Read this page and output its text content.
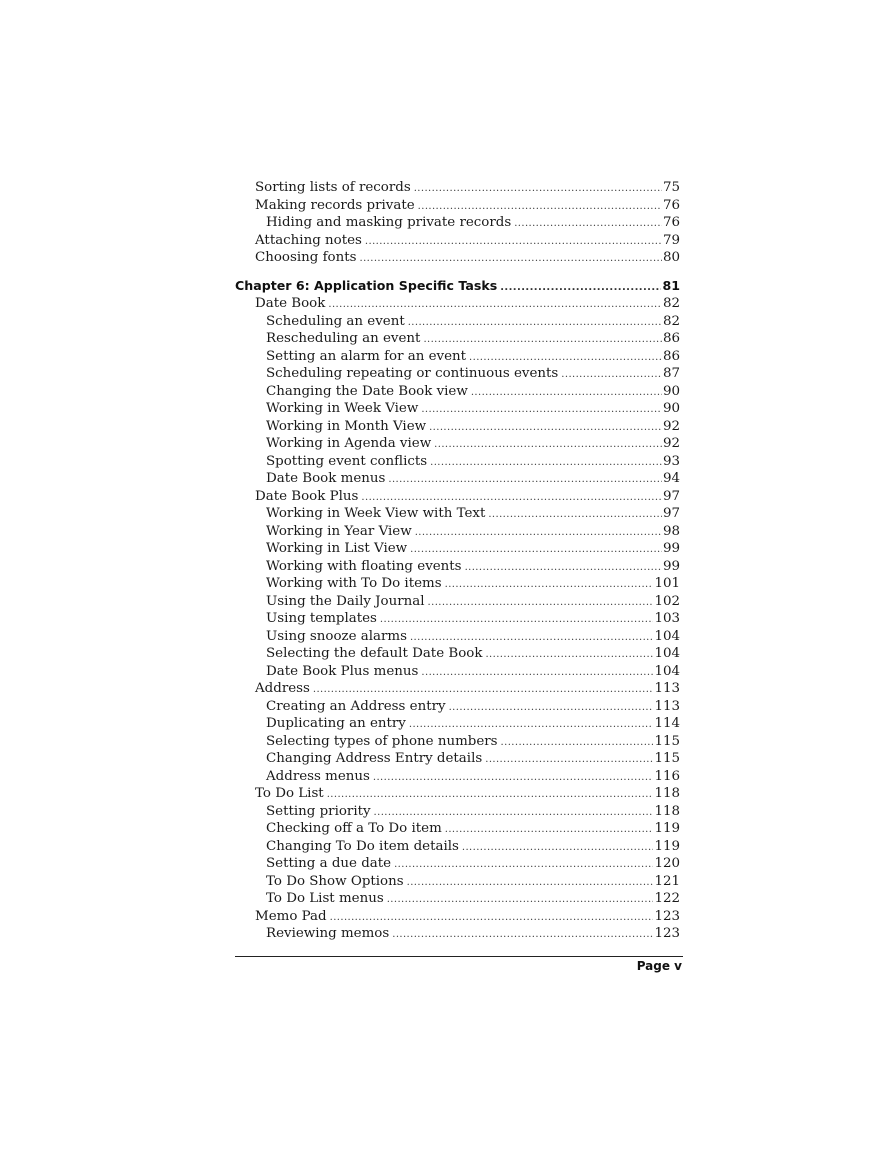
Sorting lists of records .....	75
Making records private .....	76
Hiding and masking private records .....	76
Attaching notes .....	79
Choosing fonts .....	80
Chapter 6: Application Specific Tasks .....	81
Date Book .....	82
Scheduling an event .....	82
Rescheduling an event .....	86
Setting an alarm for an event .....	86
Scheduling repeating or continuous events .....	87
Changing the Date Book view .....	90
Working in Week View .....	90
Working in Month View .....	92
Working in Agenda view .....	92
Spotting event conflicts .....	93
Date Book menus .....	94
Date Book Plus .....	97
Working in Week View with Text .....	97
Working in Year View .....	98
Working in List View .....	99
Working with floating events .....	99
Working with To Do items .....	101
Using the Daily Journal .....	102
Using templates .....	103
Using snooze alarms .....	104
Selecting the default Date Book .....	104
Date Book Plus menus .....	104
Address .....	113
Creating an Address entry .....	113
Duplicating an entry .....	114
Selecting types of phone numbers .....	115
Changing Address Entry details .....	115
Address menus .....	116
To Do List .....	118
Setting priority .....	118
Checking off a To Do item .....	119
Changing To Do item details .....	119
Setting a due date .....	120
To Do Show Options .....	121
To Do List menus .....	122
Memo Pad .....	123
Reviewing memos .....	123
Page v
